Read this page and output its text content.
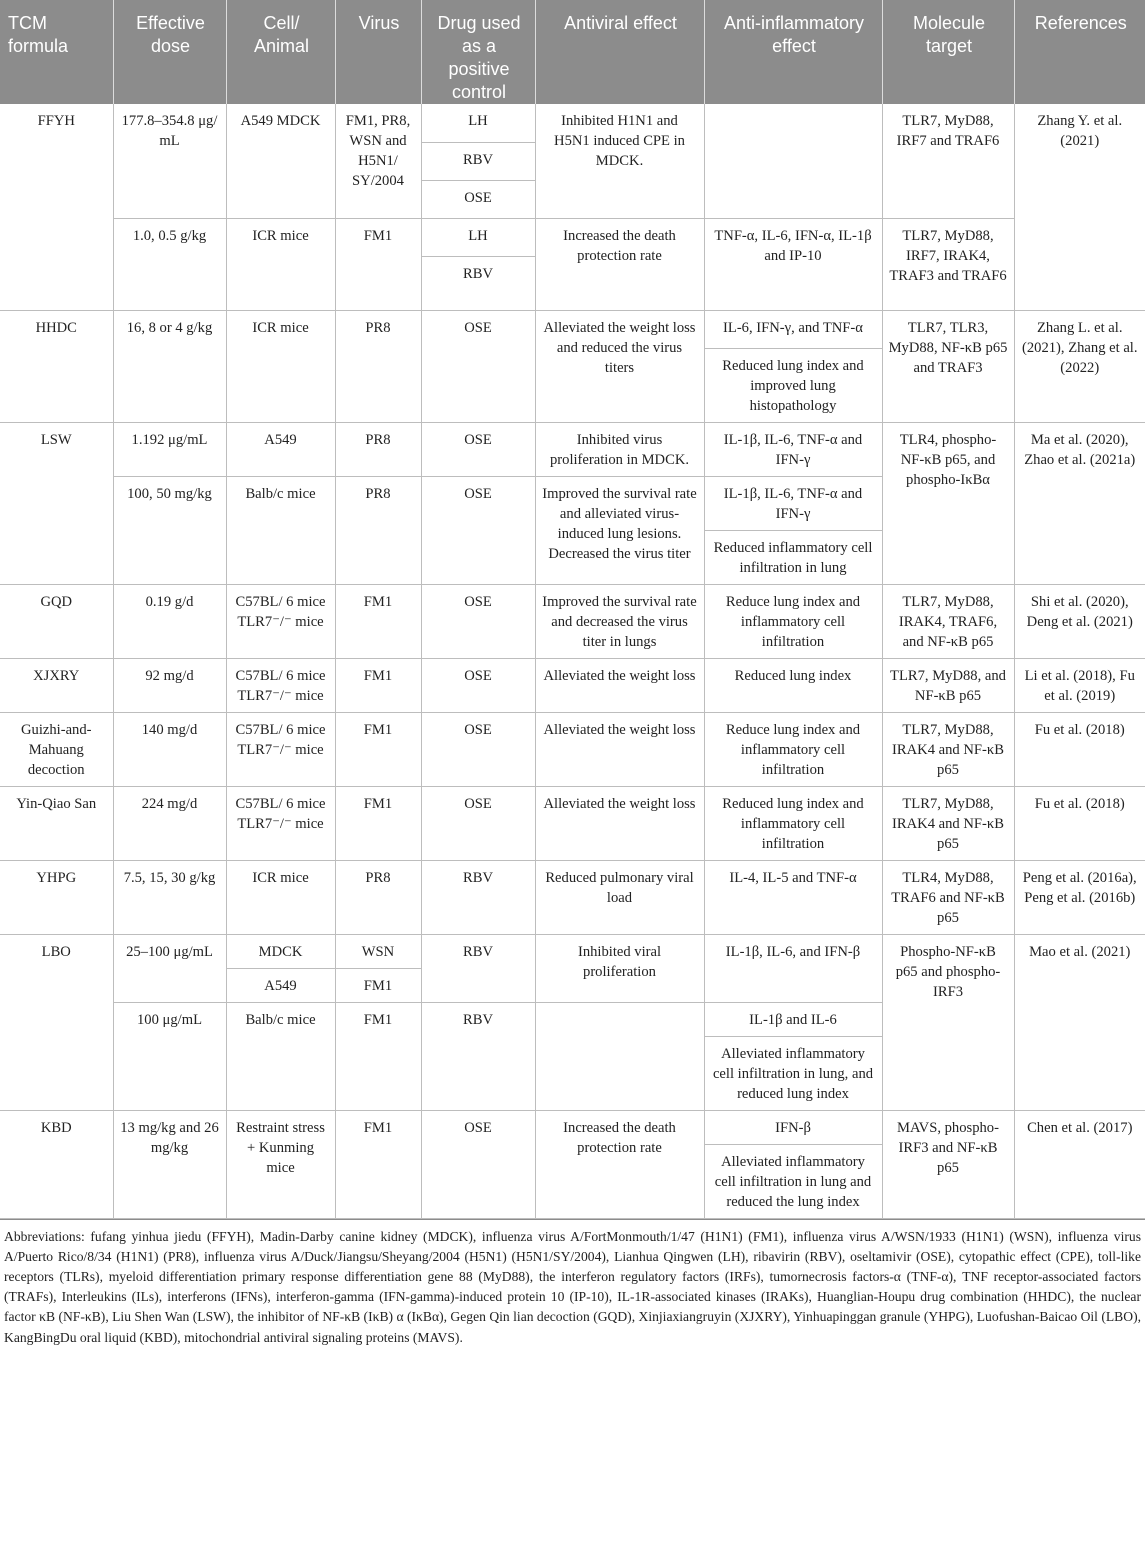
TCM formula	Effective dose	Cell/ Animal	Virus	Drug used as a positive control	Antiviral effect	Anti-inflammatory effect	Molecule target	References
FFYH	177.8–354.8 μg/ mL	A549 MDCK	FM1, PR8, WSN and H5N1/ SY/2004	LH	Inhibited H1N1 and H5N1 induced CPE in MDCK.		TLR7, MyD88, IRF7 and TRAF6	Zhang Y. et al. (2021)
				RBV				
				OSE				
	1.0, 0.5 g/kg	ICR mice	FM1	LH	Increased the death protection rate	TNF-α, IL-6, IFN-α, IL-1β and IP-10	TLR7, MyD88, IRF7, IRAK4, TRAF3 and TRAF6	
				RBV				
HHDC	16, 8 or 4 g/kg	ICR mice	PR8	OSE	Alleviated the weight loss and reduced the virus titers	IL-6, IFN-γ, and TNF-α	TLR7, TLR3, MyD88, NF-κB p65 and TRAF3	Zhang L. et al. (2021), Zhang et al. (2022)
						Reduced lung index and improved lung histopathology		
LSW	1.192 μg/mL	A549	PR8	OSE	Inhibited virus proliferation in MDCK.	IL-1β, IL-6, TNF-α and IFN-γ	TLR4, phospho-NF-κB p65, and phospho-IκBα	Ma et al. (2020), Zhao et al. (2021a)
	100, 50 mg/kg	Balb/c mice	PR8	OSE	Improved the survival rate and alleviated virus-induced lung lesions. Decreased the virus titer	IL-1β, IL-6, TNF-α and IFN-γ		
						Reduced inflammatory cell infiltration in lung		
GQD	0.19 g/d	C57BL/ 6 mice TLR7⁻/⁻ mice	FM1	OSE	Improved the survival rate and decreased the virus titer in lungs	Reduce lung index and inflammatory cell infiltration	TLR7, MyD88, IRAK4, TRAF6, and NF-κB p65	Shi et al. (2020), Deng et al. (2021)
XJXRY	92 mg/d	C57BL/ 6 mice TLR7⁻/⁻ mice	FM1	OSE	Alleviated the weight loss	Reduced lung index	TLR7, MyD88, and NF-κB p65	Li et al. (2018), Fu et al. (2019)
Guizhi-and-Mahuang decoction	140 mg/d	C57BL/ 6 mice TLR7⁻/⁻ mice	FM1	OSE	Alleviated the weight loss	Reduce lung index and inflammatory cell infiltration	TLR7, MyD88, IRAK4 and NF-κB p65	Fu et al. (2018)
Yin-Qiao San	224 mg/d	C57BL/ 6 mice TLR7⁻/⁻ mice	FM1	OSE	Alleviated the weight loss	Reduced lung index and inflammatory cell infiltration	TLR7, MyD88, IRAK4 and NF-κB p65	Fu et al. (2018)
YHPG	7.5, 15, 30 g/kg	ICR mice	PR8	RBV	Reduced pulmonary viral load	IL-4, IL-5 and TNF-α	TLR4, MyD88, TRAF6 and NF-κB p65	Peng et al. (2016a), Peng et al. (2016b)
LBO	25–100 μg/mL	MDCK	WSN	RBV	Inhibited viral proliferation	IL-1β, IL-6, and IFN-β	Phospho-NF-κB p65 and phospho-IRF3	Mao et al. (2021)
		A549	FM1					
	100 μg/mL	Balb/c mice	FM1	RBV		IL-1β and IL-6		
						Alleviated inflammatory cell infiltration in lung, and reduced lung index		
KBD	13 mg/kg and 26 mg/kg	Restraint stress + Kunming mice	FM1	OSE	Increased the death protection rate	IFN-β	MAVS, phospho-IRF3 and NF-κB p65	Chen et al. (2017)
						Alleviated inflammatory cell infiltration in lung and reduced the lung index		

Abbreviations: fufang yinhua jiedu (FFYH), Madin-Darby canine kidney (MDCK), influenza virus A/FortMonmouth/1/47 (H1N1) (FM1), influenza virus A/WSN/1933 (H1N1) (WSN), influenza virus A/Puerto Rico/8/34 (H1N1) (PR8), influenza virus A/Duck/Jiangsu/Sheyang/2004 (H5N1) (H5N1/SY/2004), Lianhua Qingwen (LH), ribavirin (RBV), oseltamivir (OSE), cytopathic effect (CPE), toll-like receptors (TLRs), myeloid differentiation primary response differentiation gene 88 (MyD88), the interferon regulatory factors (IRFs), tumornecrosis factors-α (TNF-α), TNF receptor-associated factors (TRAFs), Interleukins (ILs), interferons (IFNs), interferon-gamma (IFN-gamma)-induced protein 10 (IP-10), IL-1R-associated kinases (IRAKs), Huanglian-Houpu drug combination (HHDC), the nuclear factor κB (NF-κB), Liu Shen Wan (LSW), the inhibitor of NF-κB (IκB) α (IκBα), Gegen Qin lian decoction (GQD), Xinjiaxiangruyin (XJXRY), Yinhuapinggan granule (YHPG), Luofushan-Baicao Oil (LBO), KangBingDu oral liquid (KBD), mitochondrial antiviral signaling proteins (MAVS).
